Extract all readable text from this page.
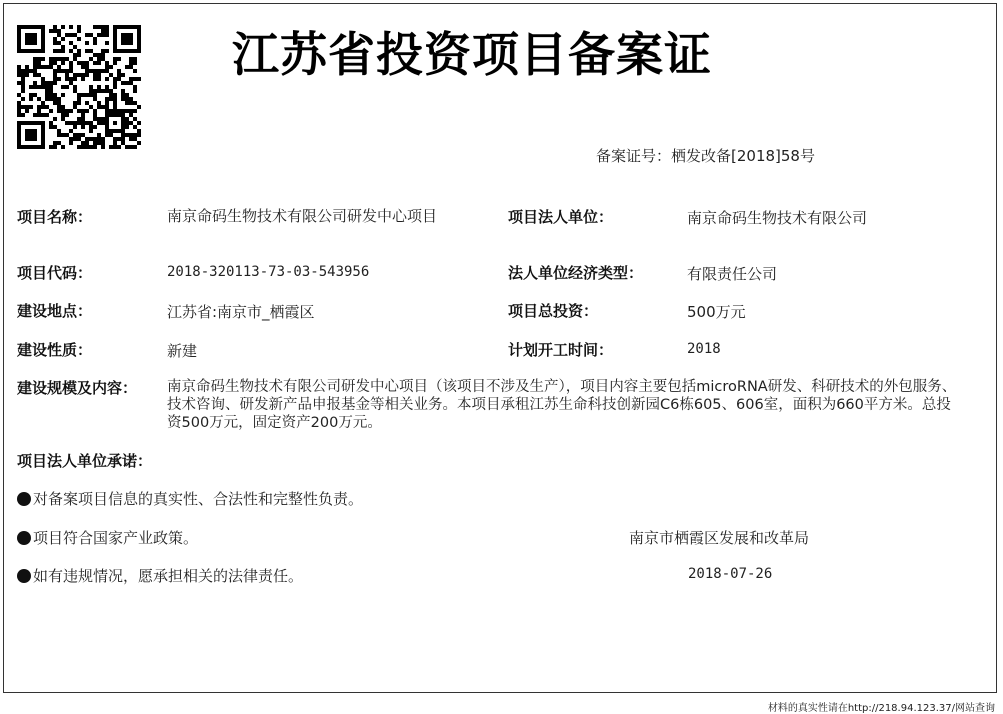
江苏省投资项目备案证
备案证号：栖发改备[2018]58号
项目名称：	南京命码生物技术有限公司研发中心项目	项目法人单位：	南京命码生物技术有限公司
项目代码：	2018-320113-73-03-543956	法人单位经济类型：	有限责任公司
建设地点：	江苏省:南京市_栖霞区	项目总投资：	500万元
建设性质：	新建	计划开工时间：	2018
建设规模及内容： 南京命码生物技术有限公司研发中心项目（该项目不涉及生产），项目内容主要包括microRNA研发、科研技术的外包服务、技术咨询、研发新产品申报基金等相关业务。本项目承租江苏生命科技创新园C6栋605、606室，面积为660平方米。总投资500万元，固定资产200万元。
项目法人单位承诺：
对备案项目信息的真实性、合法性和完整性负责。
项目符合国家产业政策。
如有违规情况，愿承担相关的法律责任。
南京市栖霞区发展和改革局
2018-07-26
材料的真实性请在http://218.94.123.37/网站查询
